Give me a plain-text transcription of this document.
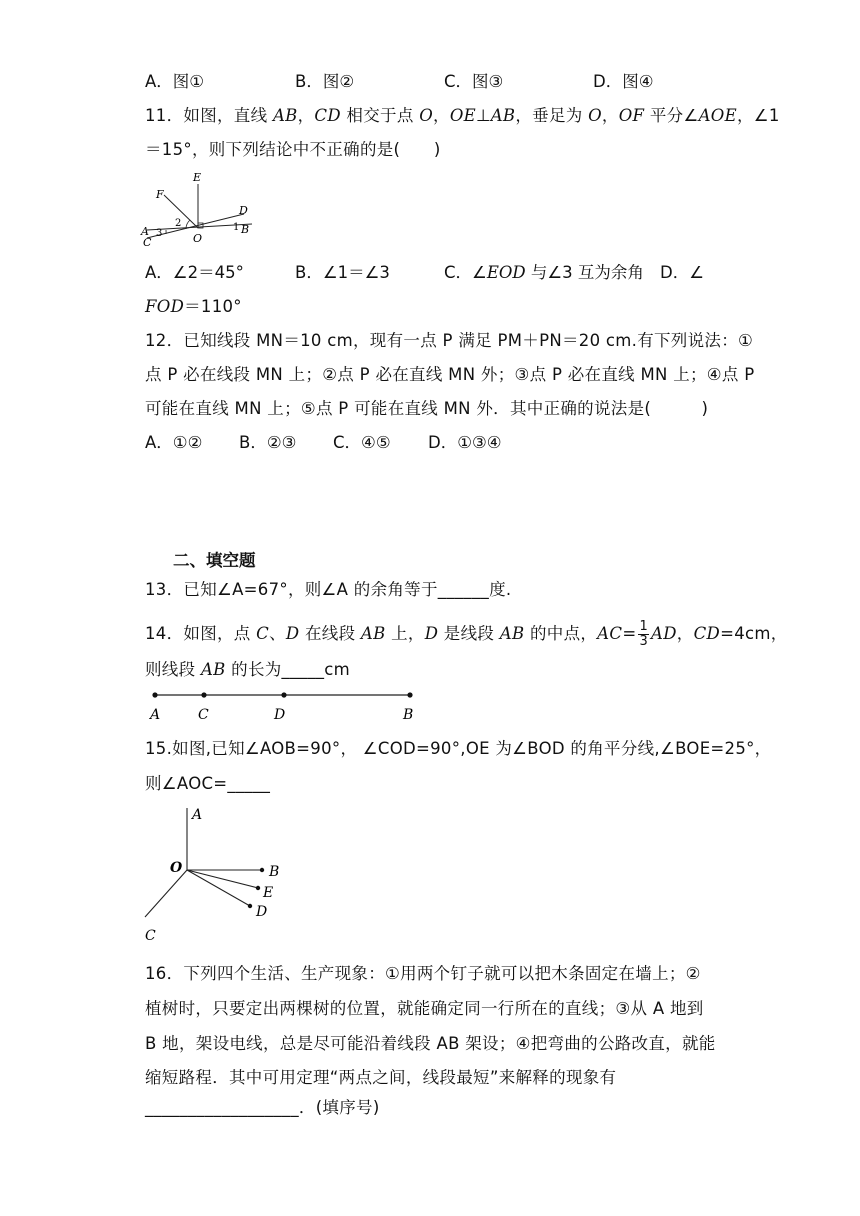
A．图①	B．图②	C．图③	D．图④
11．如图，直线 AB，CD 相交于点 O，OE⊥AB，垂足为 O，OF 平分∠AOE，∠1
＝15°，则下列结论中不正确的是(　　)
E
F
D
B
A
C	O
1
2
3
A．∠2＝45°	B．∠1＝∠3	C．∠EOD 与∠3 互为余角 D．∠
FOD＝110°
12．已知线段 MN＝10 cm，现有一点 P 满足 PM＋PN＝20 cm.有下列说法：①
点 P 必在线段 MN 上；②点 P 必在直线 MN 外；③点 P 必在直线 MN 上；④点 P
可能在直线 MN 上；⑤点 P 可能在直线 MN 外．其中正确的说法是(　　　)
A．①② B．②③ C．④⑤ D．①③④
二、填空题
13．已知∠A=67°，则∠A 的余角等于______度.
14．如图，点 C、D 在线段 AB 上，D 是线段 AB 的中点，$AC= \frac{1}{3}$ AD，CD=4cm，
则线段 AB 的长为_____cm
A	C	D	B
15.如图,已知∠AOB=90°， ∠COD=90°,OE 为∠BOD 的角平分线,∠BOE=25°，
则∠AOC=_____
A
O	B
E
D
C
16．下列四个生活、生产现象：①用两个钉子就可以把木条固定在墙上；②
植树时，只要定出两棵树的位置，就能确定同一行所在的直线；③从 A 地到
B 地，架设电线，总是尽可能沿着线段 AB 架设；④把弯曲的公路改直，就能
缩短路程．其中可用定理“两点之间，线段最短”来解释的现象有
__________________．(填序号)
